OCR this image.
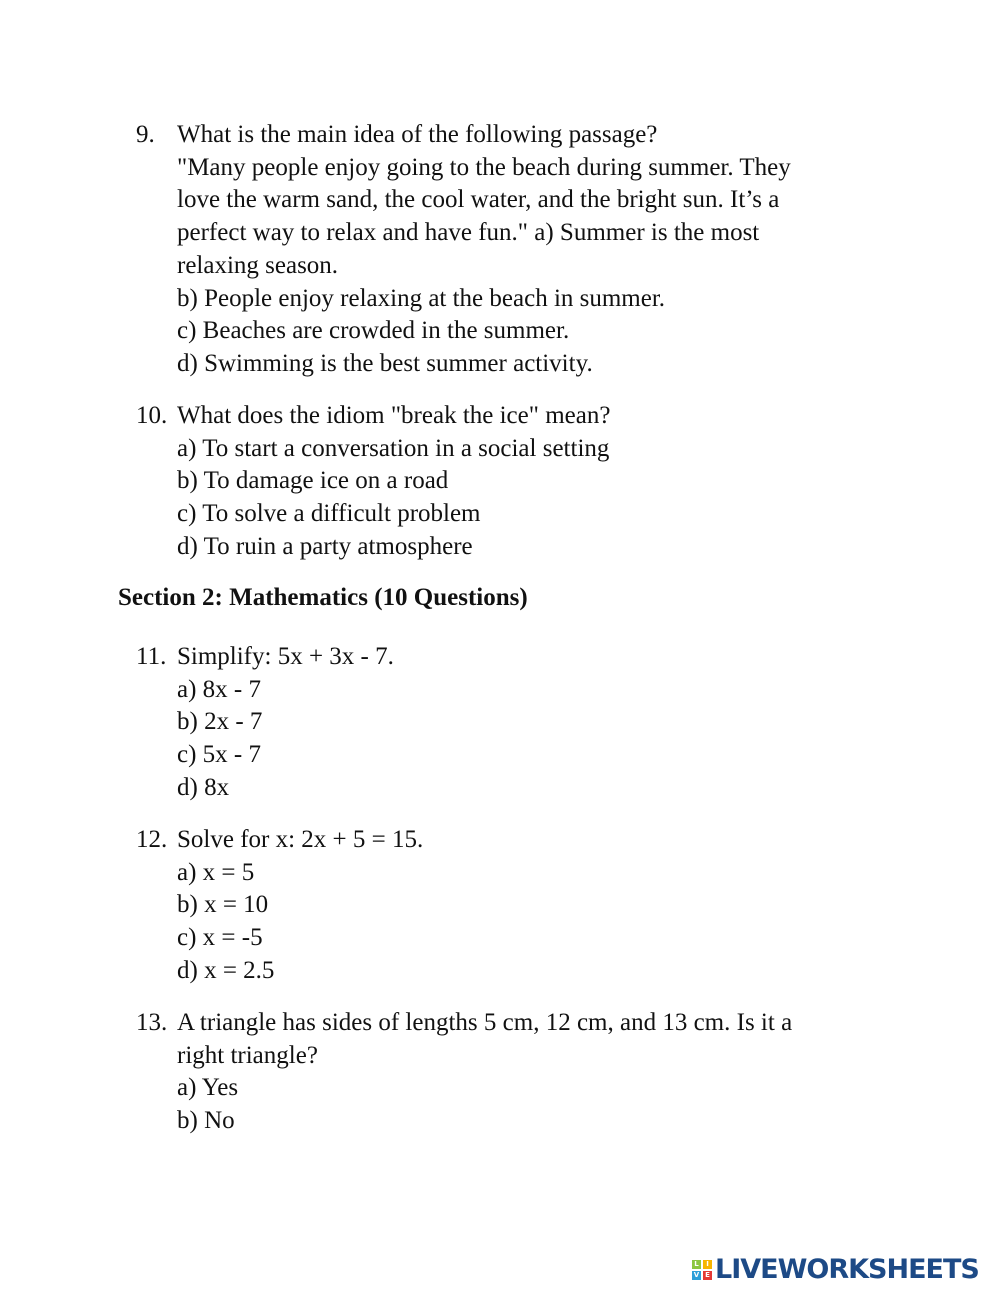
9. What is the main idea of the following passage?
"Many people enjoy going to the beach during summer. They
love the warm sand, the cool water, and the bright sun. It’s a
perfect way to relax and have fun." a) Summer is the most
relaxing season.
b) People enjoy relaxing at the beach in summer.
c) Beaches are crowded in the summer.
d) Swimming is the best summer activity.
10. What does the idiom "break the ice" mean?
a) To start a conversation in a social setting
b) To damage ice on a road
c) To solve a difficult problem
d) To ruin a party atmosphere
Section 2: Mathematics (10 Questions)
11. Simplify: 5x + 3x - 7.
a) 8x - 7
b) 2x - 7
c) 5x - 7
d) 8x
12. Solve for x: 2x + 5 = 15.
a) x = 5
b) x = 10
c) x = -5
d) x = 2.5
13. A triangle has sides of lengths 5 cm, 12 cm, and 13 cm. Is it a
right triangle?
a) Yes
b) No
L	I
V E LIVEWORKSHEETS
